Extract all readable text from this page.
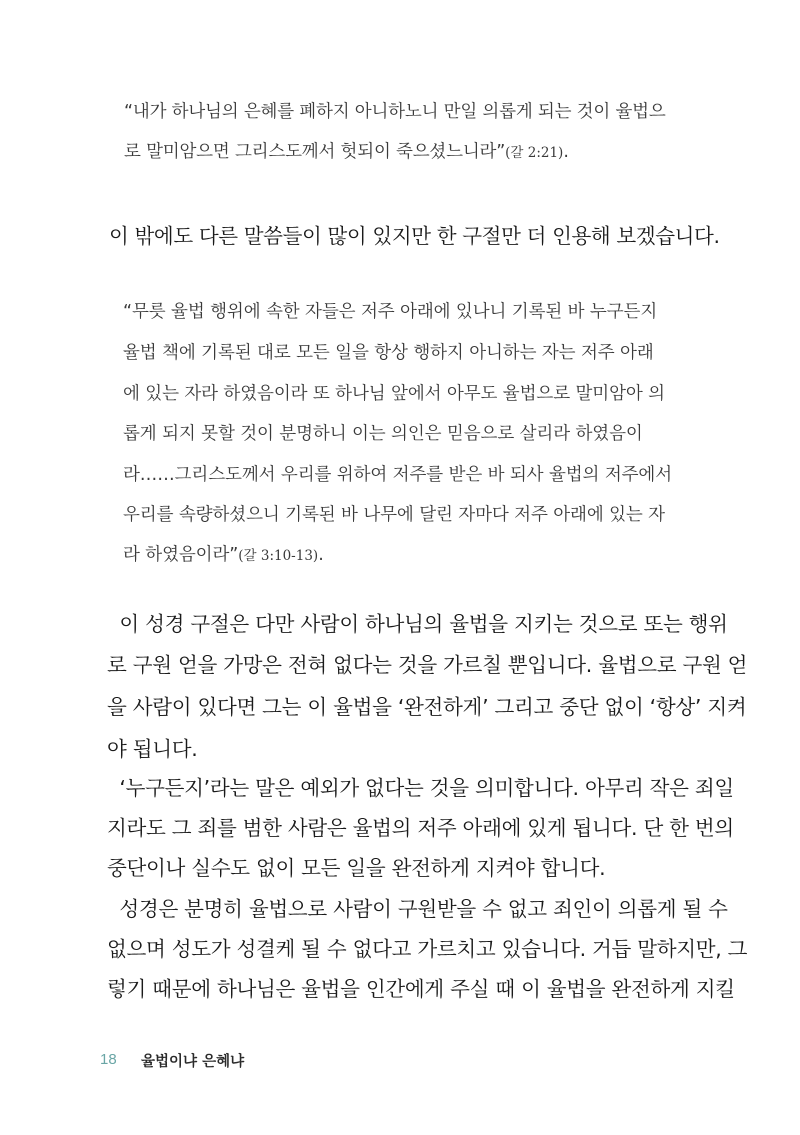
“내가 하나님의 은혜를 폐하지 아니하노니 만일 의롭게 되는 것이 율법으
로 말미암으면 그리스도께서 헛되이 죽으셨느니라”(갈 2:21).
이 밖에도 다른 말씀들이 많이 있지만 한 구절만 더 인용해 보겠습니다.
“무릇 율법 행위에 속한 자들은 저주 아래에 있나니 기록된 바 누구든지
율법 책에 기록된 대로 모든 일을 항상 행하지 아니하는 자는 저주 아래
에 있는 자라 하였음이라 또 하나님 앞에서 아무도 율법으로 말미암아 의
롭게 되지 못할 것이 분명하니 이는 의인은 믿음으로 살리라 하였음이
라……그리스도께서 우리를 위하여 저주를 받은 바 되사 율법의 저주에서
우리를 속량하셨으니 기록된 바 나무에 달린 자마다 저주 아래에 있는 자
라 하였음이라”(갈 3:10-13).
이 성경 구절은 다만 사람이 하나님의 율법을 지키는 것으로 또는 행위
로 구원 얻을 가망은 전혀 없다는 것을 가르칠 뿐입니다. 율법으로 구원 얻
을 사람이 있다면 그는 이 율법을 ‘완전하게’ 그리고 중단 없이 ‘항상’ 지켜
야 됩니다.
‘누구든지’라는 말은 예외가 없다는 것을 의미합니다. 아무리 작은 죄일
지라도 그 죄를 범한 사람은 율법의 저주 아래에 있게 됩니다. 단 한 번의
중단이나 실수도 없이 모든 일을 완전하게 지켜야 합니다.
성경은 분명히 율법으로 사람이 구원받을 수 없고 죄인이 의롭게 될 수
없으며 성도가 성결케 될 수 없다고 가르치고 있습니다. 거듭 말하지만, 그
렇기 때문에 하나님은 율법을 인간에게 주실 때 이 율법을 완전하게 지킬
18 율법이냐 은혜냐
